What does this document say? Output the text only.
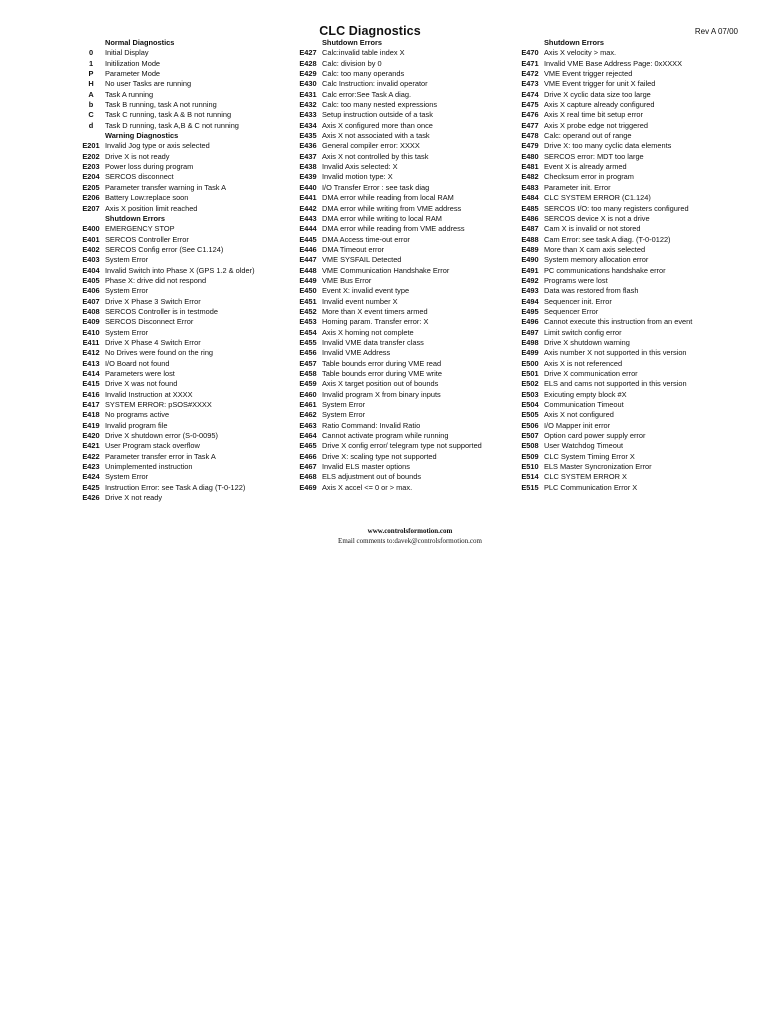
CLC Diagnostics	Rev A 07/00
Normal Diagnostics
0	Initial Display
1	Initilization Mode
P	Parameter Mode
H	No user Tasks are running
A	Task A running
b	Task B running, task A not running
C	Task C running, task A & B not running
d	Task D running, task A,B & C not running
Warning Diagnostics
E201 Invalid Jog type or axis selected
E202 Drive X is not ready
E203 Power loss during program
E204 SERCOS disconnect
E205 Parameter transfer warning in Task A
E206 Battery Low:replace soon
E207 Axis X position limit reached
Shutdown Errors
E400 EMERGENCY STOP
E401 SERCOS Controller Error
E402 SERCOS Config error (See C1.124)
E403 System Error
E404 Invalid Switch into Phase X (GPS 1.2 & older)
E405 Phase X: drive did not respond
E406 System Error
E407 Drive X Phase 3 Switch Error
E408 SERCOS Controller is in testmode
E409 SERCOS Disconnect Error
E410 System Error
E411 Drive X Phase 4 Switch Error
E412 No Drives were found on the ring
E413 I/O Board not found
E414 Parameters were lost
E415 Drive X was not found
E416 Invalid Instruction at XXXX
E417 SYSTEM ERROR: pSOS#XXXX
E418 No programs active
E419 Invalid program file
E420 Drive X shutdown error (S-0-0095)
E421 User Program stack overflow
E422 Parameter transfer error in Task A
E423 Unimplemented instruction
E424 System Error
E425 Instruction Error: see Task A diag (T-0-122)
E426 Drive X not ready
Shutdown Errors
E427 Calc:invalid table index X
E428 Calc: division by 0
E429 Calc: too many operands
E430 Calc Instruction: invalid operator
E431 Calc error:See Task A diag.
E432 Calc: too many nested expressions
E433 Setup instruction outside of a task
E434 Axis X configured more than once
E435 Axis X not associated with a task
E436 General compiler error: XXXX
E437 Axis X not controlled by this task
E438 Invalid Axis selected: X
E439 Invalid motion type: X
E440 I/O Transfer Error : see task diag
E441 DMA error while reading from local RAM
E442 DMA error while writing from VME address
E443 DMA error while writing to local RAM
E444 DMA error while reading from VME address
E445 DMA Access time-out error
E446 DMA Timeout error
E447 VME SYSFAIL Detected
E448 VME Communication Handshake Error
E449 VME Bus Error
E450 Event X: invalid event type
E451 Invalid event number X
E452 More than X event timers armed
E453 Homing param. Transfer error: X
E454 Axis X homing not complete
E455 Invalid VME data transfer class
E456 Invalid VME Address
E457 Table bounds error during VME read
E458 Table bounds error during VME write
E459 Axis X target position out of bounds
E460 Invalid program X from binary inputs
E461 System Error
E462 System Error
E463 Ratio Command: Invalid Ratio
E464 Cannot activate program while running
E465 Drive X config error/ telegram type not supported
E466 Drive X: scaling type not supported
E467 Invalid ELS master options
E468 ELS adjustment out of bounds
E469 Axis X accel <= 0 or > max.
Shutdown Errors
E470 Axis X velocity > max.
E471 Invalid VME Base Address Page: 0xXXXX
E472 VME Event trigger rejected
E473 VME Event trigger for unit X failed
E474 Drive X cyclic data size too large
E475 Axis X capture already configured
E476 Axis X real time bit setup error
E477 Axis X probe edge not triggered
E478 Calc: operand out of range
E479 Drive X: too many cyclic data elements
E480 SERCOS error: MDT too large
E481 Event X is already armed
E482 Checksum error in program
E483 Parameter init. Error
E484 CLC SYSTEM ERROR (C1.124)
E485 SERCOS I/O: too many registers configured
E486 SERCOS device X is not a drive
E487 Cam X is invalid or not stored
E488 Cam Error: see task A diag. (T-0-0122)
E489 More than X cam axis selected
E490 System memory allocation error
E491 PC communications handshake error
E492 Programs were lost
E493 Data was restored from flash
E494 Sequencer init. Error
E495 Sequencer Error
E496 Cannot execute this instruction from an event
E497 Limit switch config error
E498 Drive X shutdown warning
E499 Axis number X not supported in this version
E500 Axis X is not referenced
E501 Drive X communication error
E502 ELS and cams not supported in this version
E503 Exicuting empty block #X
E504 Communication Timeout
E505 Axis X not configured
E506 I/O Mapper init error
E507 Option card power supply error
E508 User Watchdog Timeout
E509 CLC System Timing Error X
E510 ELS Master Syncronization Error
E514 CLC SYSTEM ERROR X
E515 PLC Communication Error X
www.controlsformotion.com
Email comments to:davek@controlsformotion.com
